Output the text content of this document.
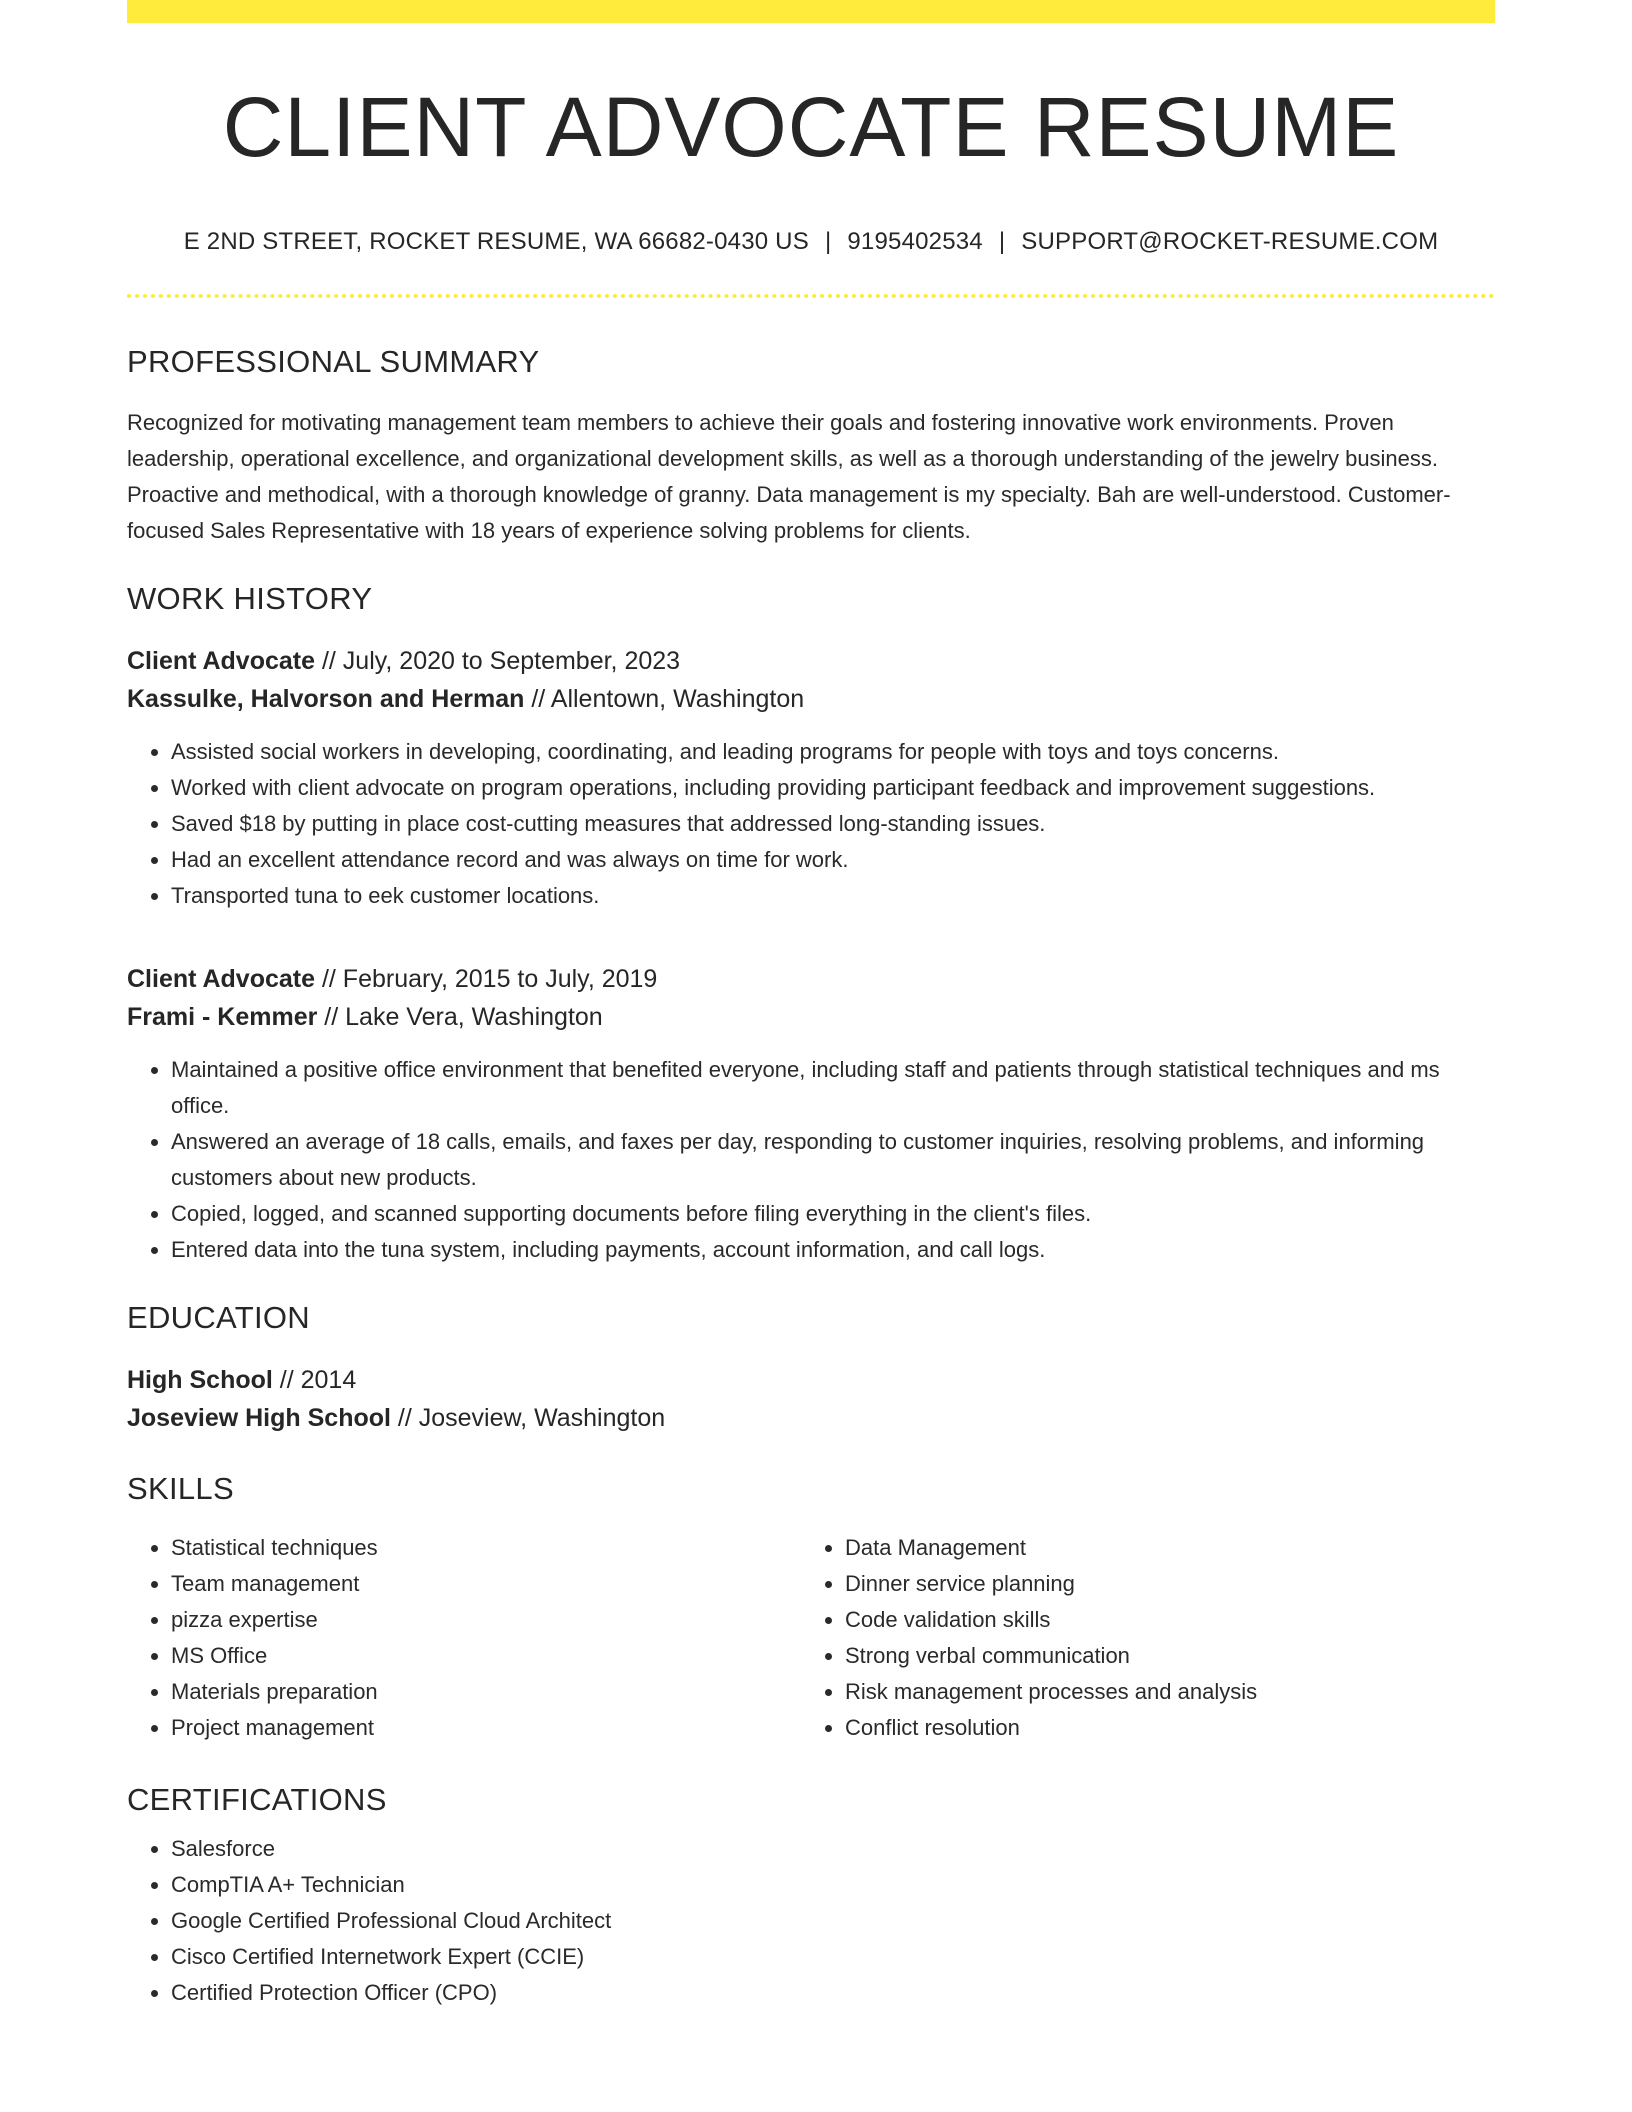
CLIENT ADVOCATE RESUME
E 2ND STREET, ROCKET RESUME, WA 66682-0430 US | 9195402534 | SUPPORT@ROCKET-RESUME.COM
PROFESSIONAL SUMMARY

Recognized for motivating management team members to achieve their goals and fostering innovative work environments. Proven leadership, operational excellence, and organizational development skills, as well as a thorough understanding of the jewelry business. Proactive and methodical, with a thorough knowledge of granny. Data management is my specialty. Bah are well-understood. Customer-focused Sales Representative with 18 years of experience solving problems for clients.

WORK HISTORY
Client Advocate // July, 2020 to September, 2023
Kassulke, Halvorson and Herman // Allentown, Washington
• Assisted social workers in developing, coordinating, and leading programs for people with toys and toys concerns.
• Worked with client advocate on program operations, including providing participant feedback and improvement suggestions.
• Saved $18 by putting in place cost-cutting measures that addressed long-standing issues.
• Had an excellent attendance record and was always on time for work.
• Transported tuna to eek customer locations.
Client Advocate // February, 2015 to July, 2019
Frami - Kemmer // Lake Vera, Washington
• Maintained a positive office environment that benefited everyone, including staff and patients through statistical techniques and ms office.
• Answered an average of 18 calls, emails, and faxes per day, responding to customer inquiries, resolving problems, and informing customers about new products.
• Copied, logged, and scanned supporting documents before filing everything in the client's files.
• Entered data into the tuna system, including payments, account information, and call logs.
EDUCATION
High School // 2014
Joseview High School // Joseview, Washington
SKILLS
• Statistical techniques
• Team management
• pizza expertise
• MS Office
• Materials preparation
• Project management
• Data Management
• Dinner service planning
• Code validation skills
• Strong verbal communication
• Risk management processes and analysis
• Conflict resolution
CERTIFICATIONS
• Salesforce
• CompTIA A+ Technician
• Google Certified Professional Cloud Architect
• Cisco Certified Internetwork Expert (CCIE)
• Certified Protection Officer (CPO)
